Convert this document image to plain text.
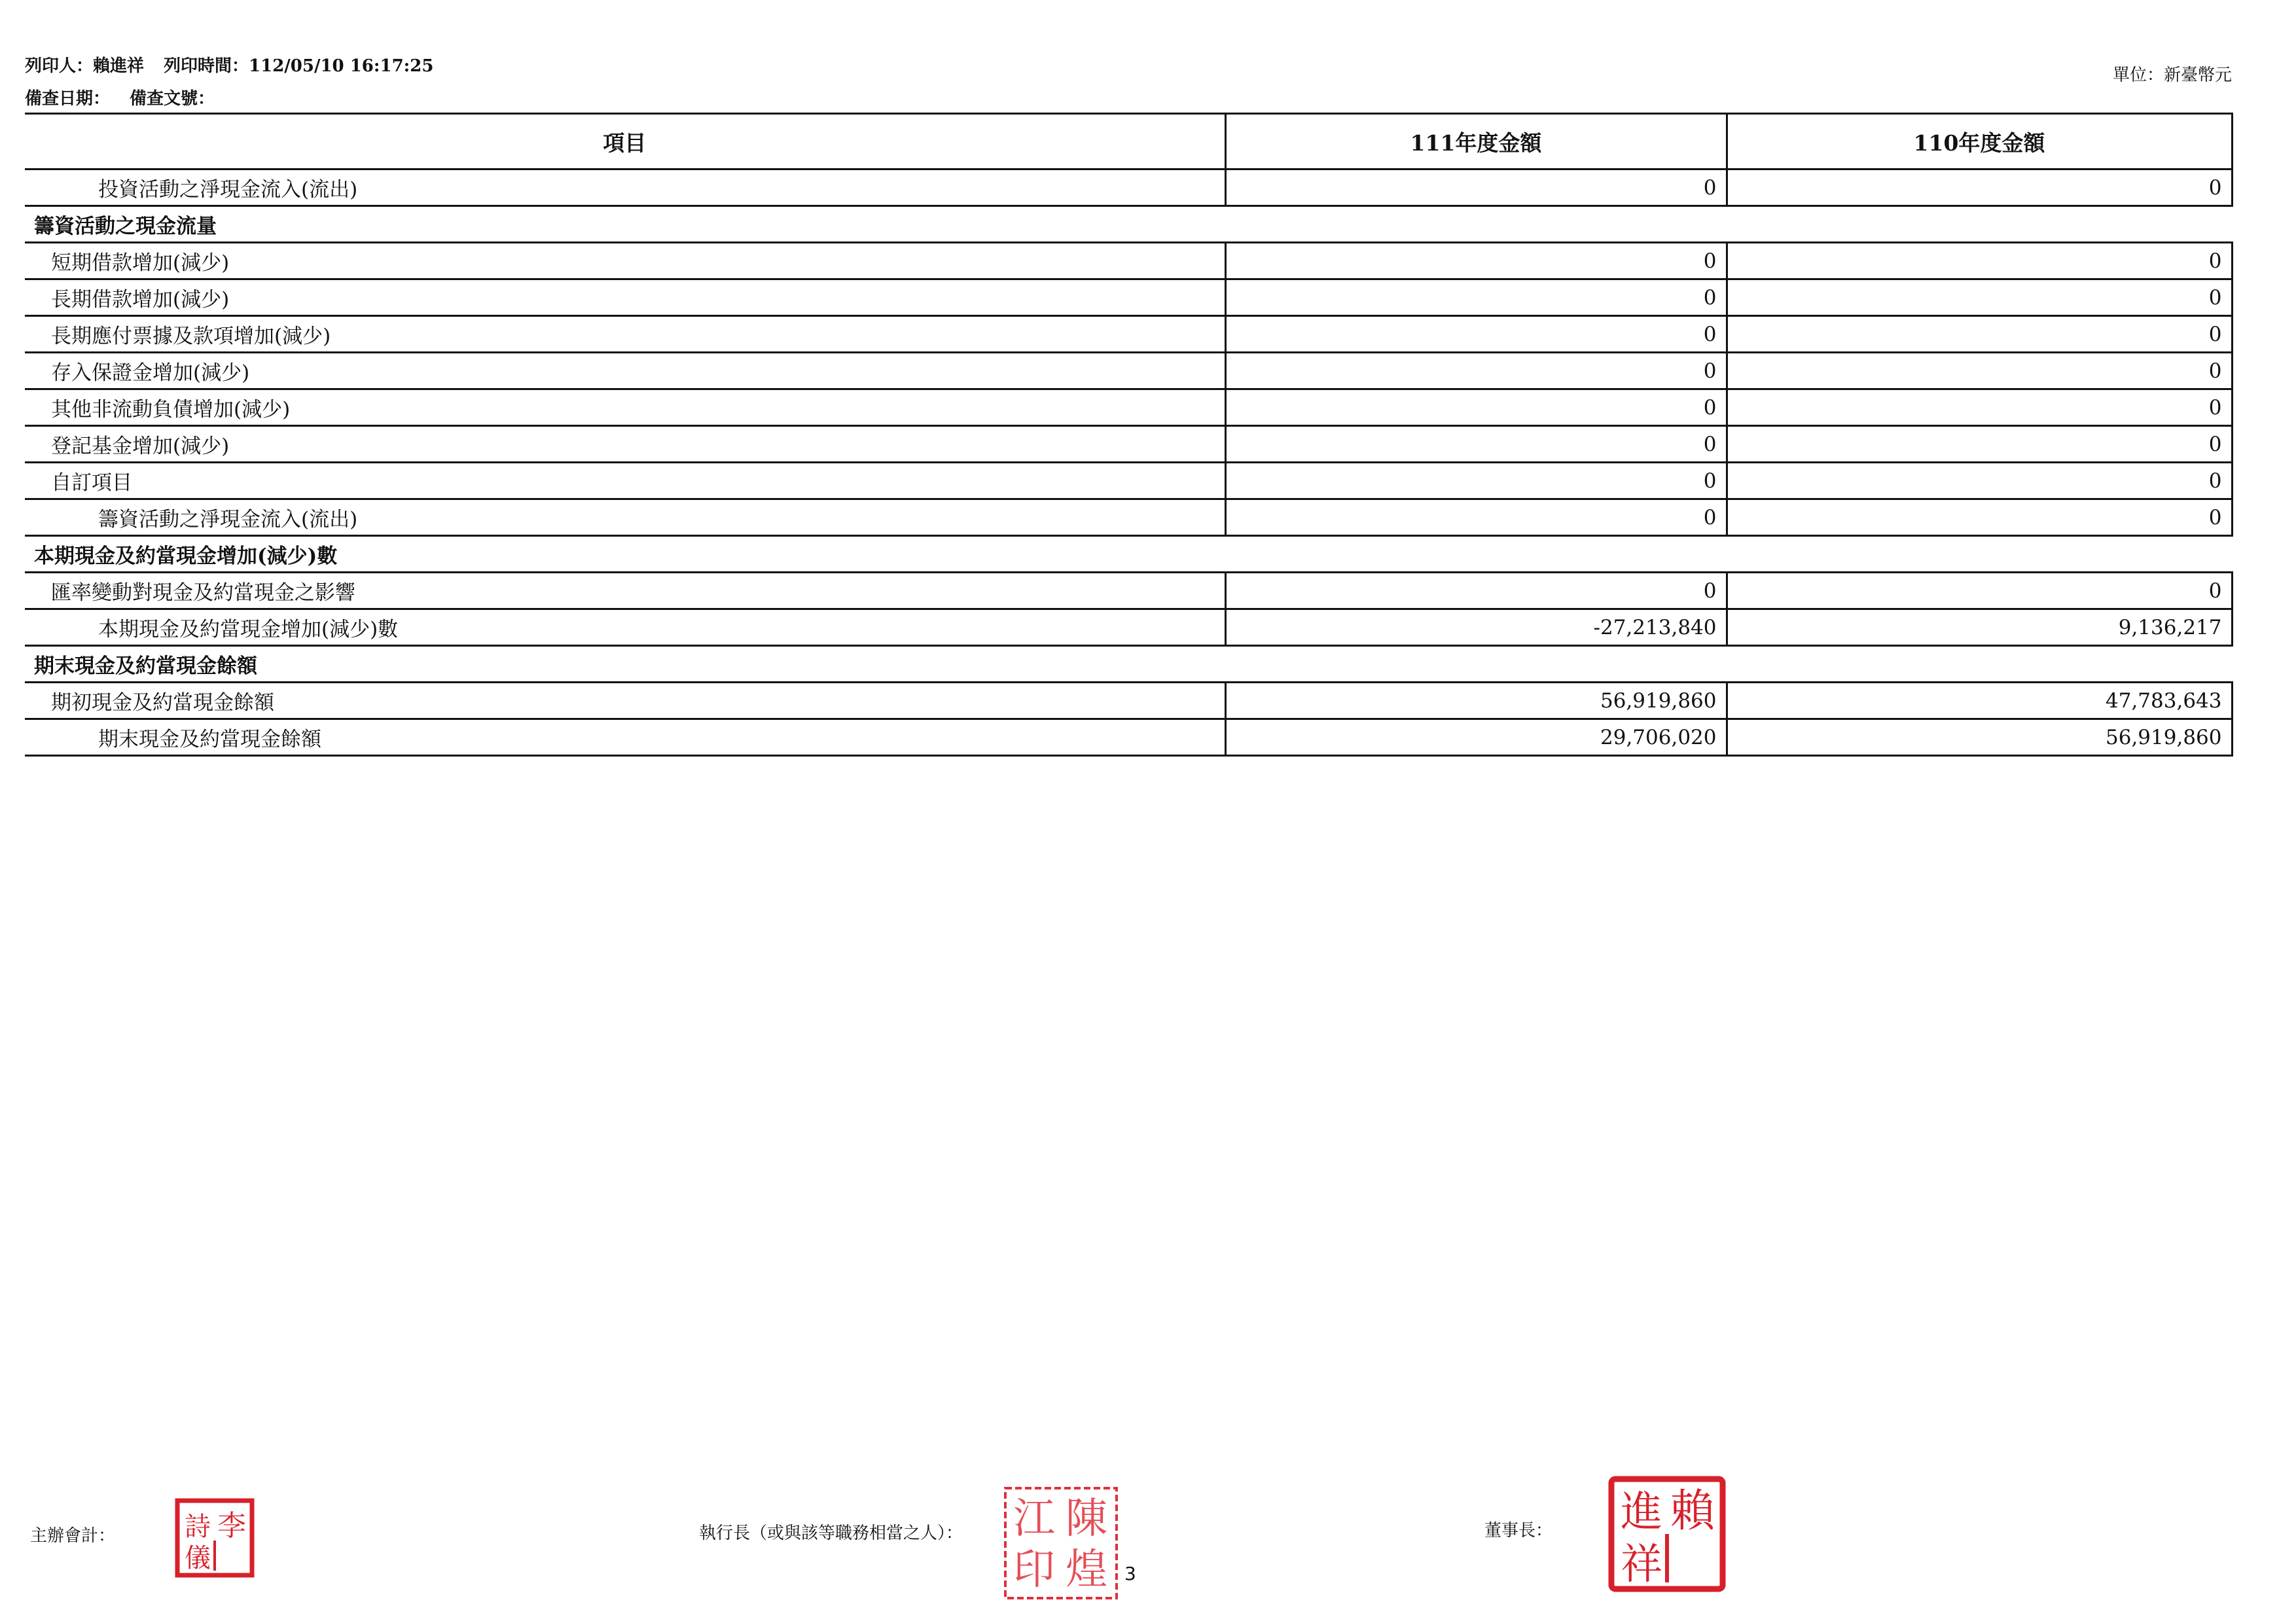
列印人：賴進祥 列印時間：112/05/10 16:17:25
備查日期： 備查文號：
單位：新臺幣元
項目	111年度金額	110年度金額
投資活動之淨現金流入(流出)	0	0
籌資活動之現金流量		
短期借款增加(減少)	0	0
長期借款增加(減少)	0	0
長期應付票據及款項增加(減少)	0	0
存入保證金增加(減少)	0	0
其他非流動負債增加(減少)	0	0
登記基金增加(減少)	0	0
自訂項目	0	0
籌資活動之淨現金流入(流出)	0	0
本期現金及約當現金增加(減少)數		
匯率變動對現金及約當現金之影響	0	0
本期現金及約當現金增加(減少)數	-27,213,840	9,136,217
期末現金及約當現金餘額		
期初現金及約當現金餘額	56,919,860	47,783,643
期末現金及約當現金餘額	29,706,020	56,919,860
主辦會計：	李
詩
儀
執行長（或與該等職務相當之人）： 陳
煌
江
印	3
董事長：	賴
進
祥
